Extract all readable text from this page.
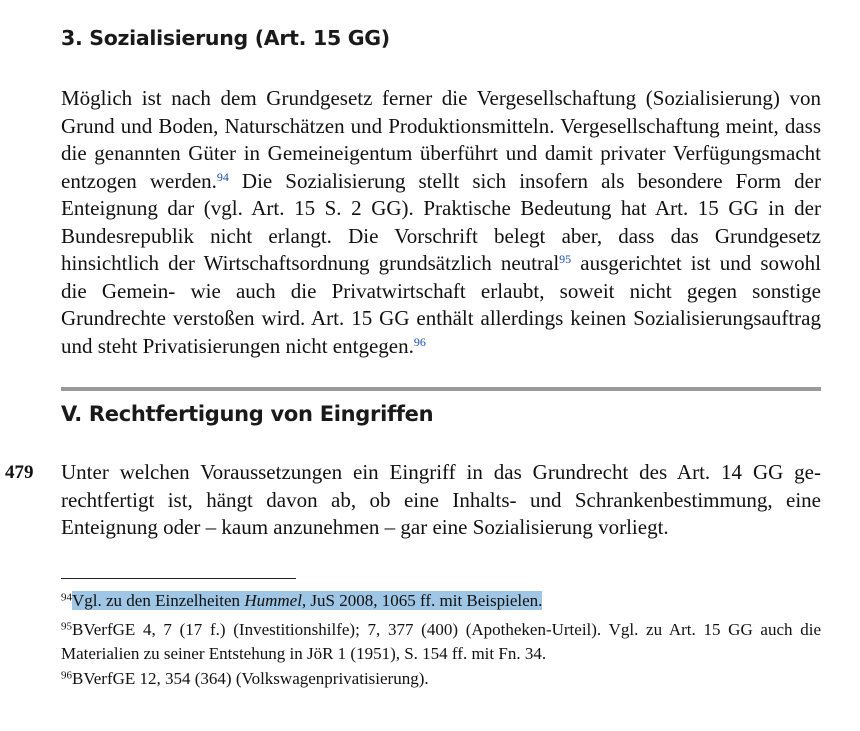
3. Sozialisierung (Art. 15 GG)

Möglich ist nach dem Grundgesetz ferner die Vergesellschaftung (Sozialisierung) von Grund und Boden, Naturschätzen und Produktionsmitteln. Vergesellschaftung meint, dass die genannten Güter in Gemeineigentum überführt und damit privater Verfügungsmacht entzogen werden.$^{94}$ Die Sozialisierung stellt sich insofern als besondere Form der Enteignung dar (vgl. Art. 15 S. 2 GG). Praktische Bedeutung hat Art. 15 GG in der Bundesrepublik nicht erlangt. Die Vorschrift belegt aber, dass das Grundgesetz hinsichtlich der Wirtschaftsordnung grundsätzlich neutral$^{95}$ ausgerichtet ist und sowohl die Gemein- wie auch die Privatwirtschaft erlaubt, soweit nicht gegen sonstige Grundrechte verstoßen wird. Art. 15 GG enthält allerdings keinen Sozialisierungsauftrag und steht Privatisierungen nicht entgegen.$^{96}$

V. Rechtfertigung von Eingriffen
479 Unter welchen Voraussetzungen ein Eingriff in das Grundrecht des Art. 14 GG gerechtfertigt ist, hängt davon ab, ob eine Inhalts- und Schrankenbestimmung, eine Enteignung oder – kaum anzunehmen – gar eine Sozialisierung vorliegt.

$^{94}$Vgl. zu den Einzelheiten Hummel, JuS 2008, 1065 ff. mit Beispielen.

$^{95}$BVerfGE 4, 7 (17 f.) (Investitionshilfe); 7, 377 (400) (Apotheken-Urteil). Vgl. zu Art. 15 GG auch die Materialien zu seiner Entstehung in JöR 1 (1951), S. 154 ff. mit Fn. 34.

$^{96}$BVerfGE 12, 354 (364) (Volkswagenprivatisierung).
